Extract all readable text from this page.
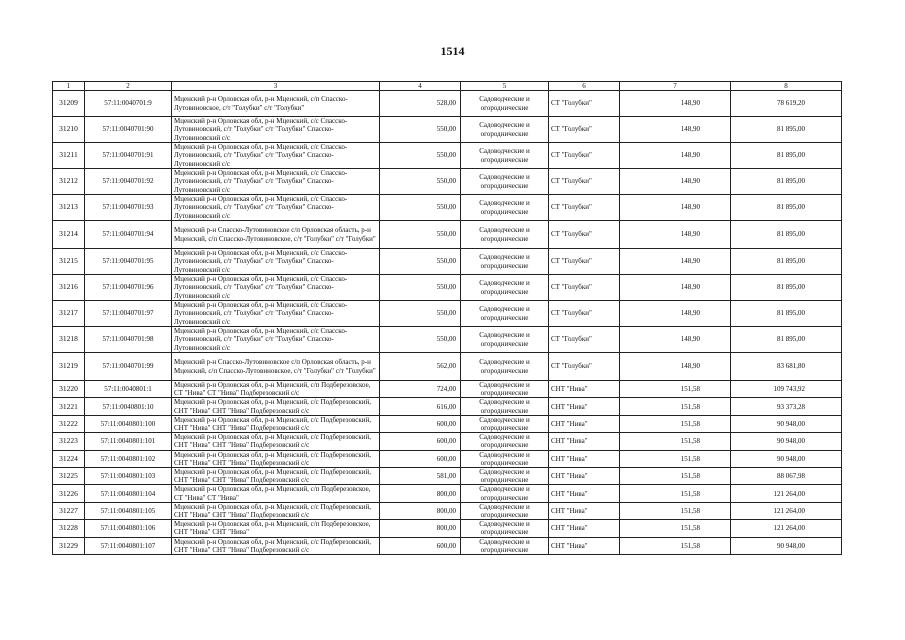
1514
1	2	3	4	5	6	7	8
31209	57:11:0040701:9	Мценский р-н Орловская обл, р-н Мценский, с/п Спасско-Лутовиновское, с/т "Голубки" с/т "Голубки"	528,00	Садоводческие и огороднические	СТ "Голубки"	148,90	78 619,20
31210	57:11:0040701:90	Мценский р-н Орловская обл, р-н Мценский, с/с Спасско-Лутовиновский, с/т "Голубки" с/т "Голубки" Спасско-Лутовиновский с/с	550,00	Садоводческие и огороднические	СТ "Голубки"	148,90	81 895,00
31211	57:11:0040701:91	Мценский р-н Орловская обл, р-н Мценский, с/с Спасско-Лутовиновский, с/т "Голубки" с/т "Голубки" Спасско-Лутовиновский с/с	550,00	Садоводческие и огороднические	СТ "Голубки"	148,90	81 895,00
31212	57:11:0040701:92	Мценский р-н Орловская обл, р-н Мценский, с/с Спасско-Лутовиновский, с/т "Голубки" с/т "Голубки" Спасско-Лутовиновский с/с	550,00	Садоводческие и огороднические	СТ "Голубки"	148,90	81 895,00
31213	57:11:0040701:93	Мценский р-н Орловская обл, р-н Мценский, с/с Спасско-Лутовиновский, с/т "Голубки" с/т "Голубки" Спасско-Лутовиновский с/с	550,00	Садоводческие и огороднические	СТ "Голубки"	148,90	81 895,00
31214	57:11:0040701:94	Мценский р-н Спасско-Лутовиновское с/п Орловская область, р-н Мценский, с/п Спасско-Лутовиновское, с/т "Голубки" с/т "Голубки"	550,00	Садоводческие и огороднические	СТ "Голубки"	148,90	81 895,00
31215	57:11:0040701:95	Мценский р-н Орловская обл, р-н Мценский, с/с Спасско-Лутовиновский, с/т "Голубки" с/т "Голубки" Спасско-Лутовиновский с/с	550,00	Садоводческие и огороднические	СТ "Голубки"	148,90	81 895,00
31216	57:11:0040701:96	Мценский р-н Орловская обл, р-н Мценский, с/с Спасско-Лутовиновский, с/т "Голубки" с/т "Голубки" Спасско-Лутовиновский с/с	550,00	Садоводческие и огороднические	СТ "Голубки"	148,90	81 895,00
31217	57:11:0040701:97	Мценский р-н Орловская обл, р-н Мценский, с/с Спасско-Лутовиновский, с/т "Голубки" с/т "Голубки" Спасско-Лутовиновский с/с	550,00	Садоводческие и огороднические	СТ "Голубки"	148,90	81 895,00
31218	57:11:0040701:98	Мценский р-н Орловская обл, р-н Мценский, с/с Спасско-Лутовиновский, с/т "Голубки" с/т "Голубки" Спасско-Лутовиновский с/с	550,00	Садоводческие и огороднические	СТ "Голубки"	148,90	81 895,00
31219	57:11:0040701:99	Мценский р-н Спасско-Лутовиновское с/п Орловская область, р-н Мценский, с/п Спасско-Лутовиновское, с/т "Голубки" с/т "Голубки"	562,00	Садоводческие и огороднические	СТ "Голубки"	148,90	83 681,80
31220	57:11:0040801:1	Мценский р-н Орловская обл, р-н Мценский, с/п Подберезовское, СТ "Нива" СТ "Нива" Подберезовский с/с	724,00	Садоводческие и огороднические	СНТ "Нива"	151,58	109 743,92
31221	57:11:0040801:10	Мценский р-н Орловская обл, р-н Мценский, с/с Подберезовский, СНТ "Нива" СНТ "Нива" Подберезовский с/с	616,00	Садоводческие и огороднические	СНТ "Нива"	151,58	93 373,28
31222	57:11:0040801:100	Мценский р-н Орловская обл, р-н Мценский, с/с Подберезовский, СНТ "Нива" СНТ "Нива" Подберезовский с/с	600,00	Садоводческие и огороднические	СНТ "Нива"	151,58	90 948,00
31223	57:11:0040801:101	Мценский р-н Орловская обл, р-н Мценский, с/с Подберезовский, СНТ "Нива" СНТ "Нива" Подберезовский с/с	600,00	Садоводческие и огороднические	СНТ "Нива"	151,58	90 948,00
31224	57:11:0040801:102	Мценский р-н Орловская обл, р-н Мценский, с/с Подберезовский, СНТ "Нива" СНТ "Нива" Подберезовский с/с	600,00	Садоводческие и огороднические	СНТ "Нива"	151,58	90 948,00
31225	57:11:0040801:103	Мценский р-н Орловская обл, р-н Мценский, с/с Подберезовский, СНТ "Нива" СНТ "Нива" Подберезовский с/с	581,00	Садоводческие и огороднические	СНТ "Нива"	151,58	88 067,98
31226	57:11:0040801:104	Мценский р-н Орловская обл, р-н Мценский, с/п Подберезовское, СТ "Нива" СТ "Нива"	800,00	Садоводческие и огороднические	СНТ "Нива"	151,58	121 264,00
31227	57:11:0040801:105	Мценский р-н Орловская обл, р-н Мценский, с/с Подберезовский, СНТ "Нива" СНТ "Нива" Подберезовский с/с	800,00	Садоводческие и огороднические	СНТ "Нива"	151,58	121 264,00
31228	57:11:0040801:106	Мценский р-н Орловская обл, р-н Мценский, с/п Подберезовское, СНТ "Нива" СНТ "Нива"	800,00	Садоводческие и огороднические	СНТ "Нива"	151,58	121 264,00
31229	57:11:0040801:107	Мценский р-н Орловская обл, р-н Мценский, с/с Подберезовский, СНТ "Нива" СНТ "Нива" Подберезовский с/с	600,00	Садоводческие и огороднические	СНТ "Нива"	151,58	90 948,00
